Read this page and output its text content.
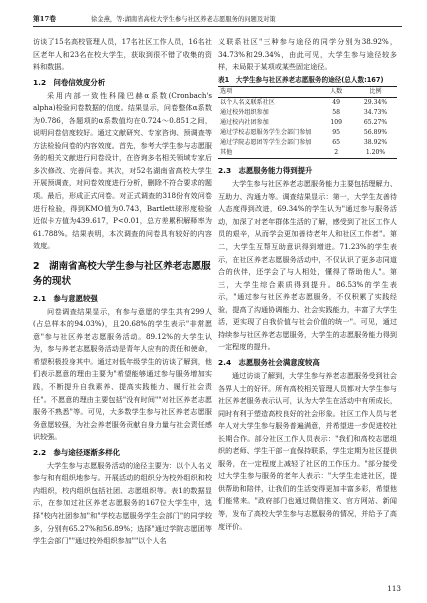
第17卷	徐金燕，等:湖南省高校大学生参与社区养老志愿服务的问题及对策

访谈了15名高校管理人员，17名社区工作人员，16名社区老年人和23名在校大学生，获取到很不错了收集的资料和数据。

1.2　问卷信效度分析

采用内部一致性科隆巴赫α系数(Cronbach's alpha)检验问卷数据的信度。结果显示，问卷整体α系数为0.786，各题项的α系数值均在0.724～0.851之间，说明问卷信度较好。通过文献研究、专家咨询、预调查等方法检验问卷的内容效度。首先，参考大学生参与志愿服务的相关文献进行问卷设计，在咨询多名相关领域专家后多次修改、完善问卷。其次，对52名湖南省高校大学生开展预调查，对问卷效度进行分析，删除不符合要求的题项。最后，形成正式问卷。对正式调查的318份有效问卷进行检验，得到KMO值为0.743，Bartlett球形度检验近似卡方值为439.617，P<0.01，总方差累积解释率为61.788%。结果表明，本次调查的问卷具有较好的内容效度。

2　湖南省高校大学生参与社区养老志愿服务的现状
2.1　参与意愿较强

问卷调查结果显示，有参与意愿的学生共有299人(占总样本的94.03%)，且20.68%的学生表示"非常愿意"参与社区养老志愿服务活动。89.12%的大学生认为，参与养老志愿服务活动是青年人应有的责任和使命，希望积极投身其中。通过对低年级学生的访谈了解到，他们表示愿意的理由主要为"希望能够通过参与服务增加实践，不断提升自我素养、提高实践能力、履行社会责任"。不愿意的理由主要包括"没有时间""对社区养老志愿服务不熟悉"等。可见，大多数学生参与社区养老志愿服务意愿较强，为社会养老服务贡献自身力量与社会责任感识较强。

2.2　参与途径逐渐多样化

大学生参与志愿服务活动的途径主要为：以个人名义参与和有组织地参与。开展活动的组织分为校外组织和校内组织，校内组织包括社团、志愿组织等。表1的数据显示，在参加过社区养老志愿服务的167位大学生中，选择"校内社团参加"和"学校志愿服务学生会部门"的同学较多，分别有65.27%和56.89%；选择"通过学院志愿团等学生会部门""通过校外组织参加""以个人名

义联系社区"三种参与途径的同学分别为38.92%，34.73%和29.34%，由此可见，大学生参与途径较多样，未局限于某项或某些固定途径。

表1　大学生参与社区养老志愿服务的途径(总人数:167)
选项	人数	比例
以个人名义联系社区	49	29.34%
通过校外组织参加	58	34.73%
通过校内社团参加	109	65.27%
通过学校志愿服务学生会部门参加	95	56.89%
通过学院志愿团等学生会部门参加	65	38.92%
其他	2	1.20%
2.3　志愿服务能力得到提升

大学生参与社区养老志愿服务能力主要包括理解力、互助力、沟通力等。调查结果显示：第一，大学生友善待人态度得到改进，69.34%的学生认为"通过参与服务活动，加深了对老年群体生活的了解，感受到了社区工作人员的艰辛，从而学会更加善待老年人和社区工作者"。第二，大学生互帮互助意识得到增进。71.23%的学生表示，在社区养老志愿服务活动中，不仅认识了更多志同道合的伙伴，还学会了与人相处，懂得了帮助他人"。第三，大学生综合素质得到提升。86.53%的学生表示，"通过参与社区养老志愿服务，不仅积累了实践经验，提高了沟通协调能力、社会实践能力，丰富了大学生活，更实现了自我价值与社会价值的统一"。可见，通过持续参与社区养老志愿服务，大学生的志愿服务能力得到一定程度的提升。

2.4　志愿服务社会满意度较高

通过访谈了解到，大学生参与养老志愿服务受到社会各界人士的好评。所有高校相关管理人员都对大学生参与社区养老服务表示认可，认为大学生在活动中有所成长，同时有利于塑造高校良好的社会形象。社区工作人员与老年人对大学生参与服务普遍满意，并希望进一步促进校社长期合作。部分社区工作人员表示："我们和高校志愿组织的老师、学生干部一直保持联系，学生定期为社区提供服务，在一定程度上减轻了社区的工作压力。"部分接受过大学生参与服务的老年人表示："大学生走进社区，提供帮助和陪伴，让我们的生活变得更加丰富多彩，希望他们能常来。"政府部门也通过微信推文、官方网站、新闻等，发布了高校大学生参与志愿服务的情况，并给予了高度评价。

113
